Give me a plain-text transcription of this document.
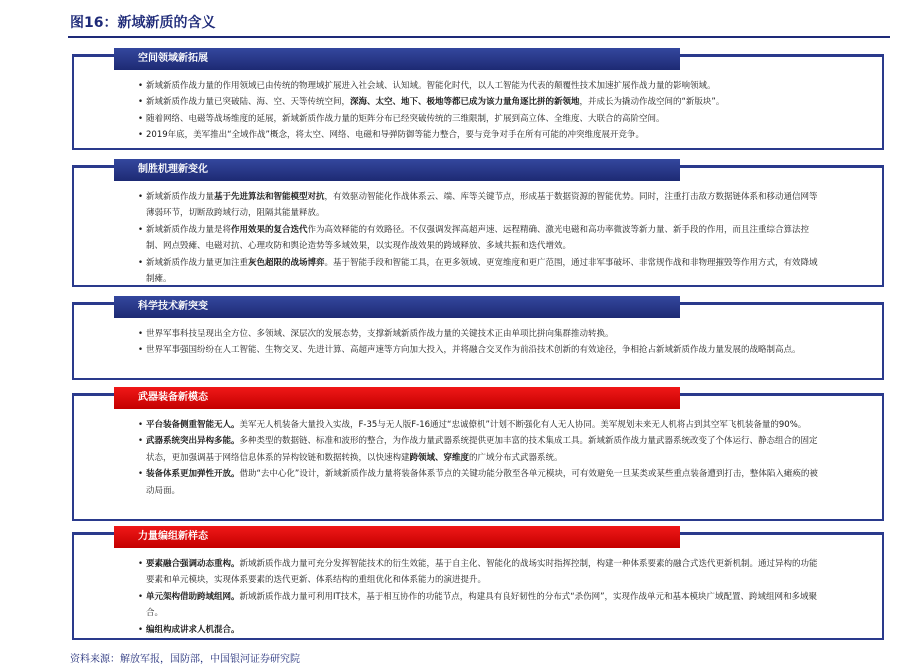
图16：新域新质的含义
空间领域新拓展
• 新域新质作战力量的作用领域已由传统的物理域扩展进入社会域、认知域。智能化时代，以人工智能为代表的颠覆性技术加速扩展作战力量的影响领域。
• 新域新质作战力量已突破陆、海、空、天等传统空间，深海、太空、地下、极地等都已成为该力量角逐比拼的新领地，并成长为撬动作战空间的“新版块”。
• 随着网络、电磁等战场维度的延展，新域新质作战力量的矩阵分布已经突破传统的三维限制，扩展到高立体、全维度、大联合的高阶空间。
• 2019年底，美军推出“全域作战”概念，将太空、网络、电磁和导弹防御等能力整合，要与竞争对手在所有可能的冲突维度展开竞争。
制胜机理新变化
• 新域新质作战力量基于先进算法和智能模型对抗，有效驱动智能化作战体系云、端、库等关键节点，形成基于数据资源的智能优势。同时，注重打击敌方数据链体系和移动通信网等薄弱环节，切断敌跨域行动，阻隔其能量释放。
• 新域新质作战力量是将作用效果的复合迭代作为高效释能的有效路径。不仅强调发挥高超声速、远程精确、激光电磁和高功率微波等新力量、新手段的作用，而且注重综合算法控制、网点毁瘫、电磁对抗、心理攻防和舆论造势等多域效果，以实现作战效果的跨域释放、多域共振和迭代增效。
• 新域新质作战力量更加注重灰色超限的战场博弈。基于智能手段和智能工具，在更多领域、更宽维度和更广范围，通过非军事破坏、非常规作战和非物理摧毁等作用方式，有效降域制瘫。
科学技术新突变
• 世界军事科技呈现出全方位、多领域、深层次的发展态势，支撑新域新质作战力量的关键技术正由单项比拼向集群推动转换。
• 世界军事强国纷纷在人工智能、生物交叉、先进计算、高超声速等方向加大投入，并将融合交叉作为前沿技术创新的有效途径，争相抢占新域新质作战力量发展的战略制高点。
武器装备新模态
• 平台装备侧重智能无人。美军无人机装备大量投入实战，F-35与无人版F-16通过“忠诚僚机”计划不断强化有人无人协同。美军规划未来无人机将占到其空军飞机装备量的90%。
• 武器系统突出异构多能。多种类型的数据链、标准和波形的整合，为作战力量武器系统提供更加丰富的技术集成工具。新域新质作战力量武器系统改变了个体运行、静态组合的固定状态，更加强调基于网络信息体系的异构铰链和数据转换，以快速构建跨领域、穿维度的广域分布式武器系统。
• 装备体系更加弹性开放。借助“去中心化”设计，新域新质作战力量将装备体系节点的关键功能分散至各单元模块，可有效避免一旦某类或某些重点装备遭到打击，整体陷入瘫痪的被动局面。
力量编组新样态
• 要素融合强调动态重构。新域新质作战力量可充分发挥智能技术的衍生效能，基于自主化、智能化的战场实时指挥控制，构建一种体系要素的融合式迭代更新机制。通过异构的功能要素和单元模块，实现体系要素的迭代更新、体系结构的重组优化和体系能力的演进提升。
• 单元架构借助跨域组网。新域新质作战力量可利用IT技术，基于相互协作的功能节点，构建具有良好韧性的分布式“杀伤网”，实现作战单元和基本模块广域配置、跨域组网和多域聚合。
• 编组构成讲求人机混合。
资料来源：解放军报，国防部，中国银河证券研究院
